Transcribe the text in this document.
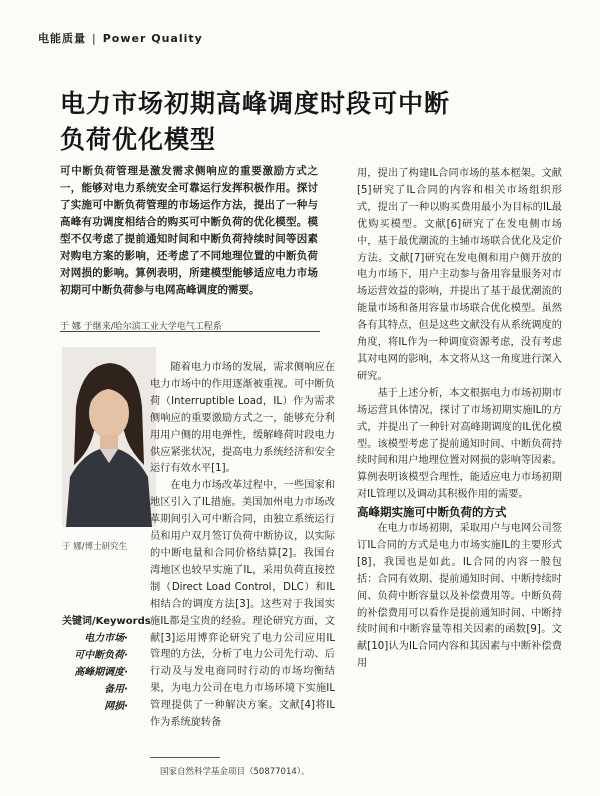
电能质量 | Power Quality
电力市场初期高峰调度时段可中断
负荷优化模型
可中断负荷管理是激发需求侧响应的重要激励方式之一，能够对电力系统安全可靠运行发挥积极作用。探讨了实施可中断负荷管理的市场运作方法，提出了一种与高峰有功调度相结合的购买可中断负荷的优化模型。模型不仅考虑了提前通知时间和中断负荷持续时间等因素对购电方案的影响，还考虑了不同地理位置的中断负荷对网损的影响。算例表明，所建模型能够适应电力市场初期可中断负荷参与电网高峰调度的需要。
于 娜 于继来/哈尔滨工业大学电气工程系
于 娜/博士研究生
关键词/Keywords
电力市场·
可中断负荷·
高峰期调度·
备用·
网损·

随着电力市场的发展，需求侧响应在电力市场中的作用逐渐被重视。可中断负荷（Interruptible Load，IL）作为需求侧响应的重要激励方式之一，能够充分利用用户侧的用电弹性，缓解峰荷时段电力供应紧张状况，提高电力系统经济和安全运行有效水平[1]。

在电力市场改革过程中，一些国家和地区引入了IL措施。美国加州电力市场改革期间引入可中断合同，由独立系统运行员和用户双月签订负荷中断协议，以实际的中断电量和合同价格结算[2]。我国台湾地区也较早实施了IL，采用负荷直接控制（Direct Load Control，DLC）和IL相结合的调度方法[3]。这些对于我国实施IL都是宝贵的经验。理论研究方面，文献[3]运用博弈论研究了电力公司应用IL管理的方法，分析了电力公司先行动、后行动及与发电商同时行动的市场均衡结果，为电力公司在电力市场环境下实施IL管理提供了一种解决方案。文献[4]将IL作为系统旋转备

用，提出了构建IL合同市场的基本框架。文献[5]研究了IL合同的内容和相关市场组织形式，提出了一种以购买费用最小为目标的IL最优购买模型。文献[6]研究了在发电侧市场中，基于最优潮流的主辅市场联合优化及定价方法。文献[7]研究在发电侧和用户侧开放的电力市场下，用户主动参与备用容量服务对市场运营效益的影响，并提出了基于最优潮流的能量市场和备用容量市场联合优化模型。虽然各有其特点，但是这些文献没有从系统调度的角度，将IL作为一种调度资源考虑，没有考虑其对电网的影响，本文将从这一角度进行深入研究。

基于上述分析，本文根据电力市场初期市场运营具体情况，探讨了市场初期实施IL的方式，并提出了一种针对高峰期调度的IL优化模型。该模型考虑了提前通知时间、中断负荷持续时间和用户地理位置对网损的影响等因素。算例表明该模型合理性，能适应电力市场初期对IL管理以及调动其积极作用的需要。

高峰期实施可中断负荷的方式

在电力市场初期，采取用户与电网公司签订IL合同的方式是电力市场实施IL的主要形式[8]，我国也是如此。IL合同的内容一般包括：合同有效期、提前通知时间、中断持续时间、负荷中断容量以及补偿费用等。中断负荷的补偿费用可以看作是提前通知时间、中断持续时间和中断容量等相关因素的函数[9]。文献[10]认为IL合同内容和其因素与中断补偿费用

国家自然科学基金项目（50877014）。
